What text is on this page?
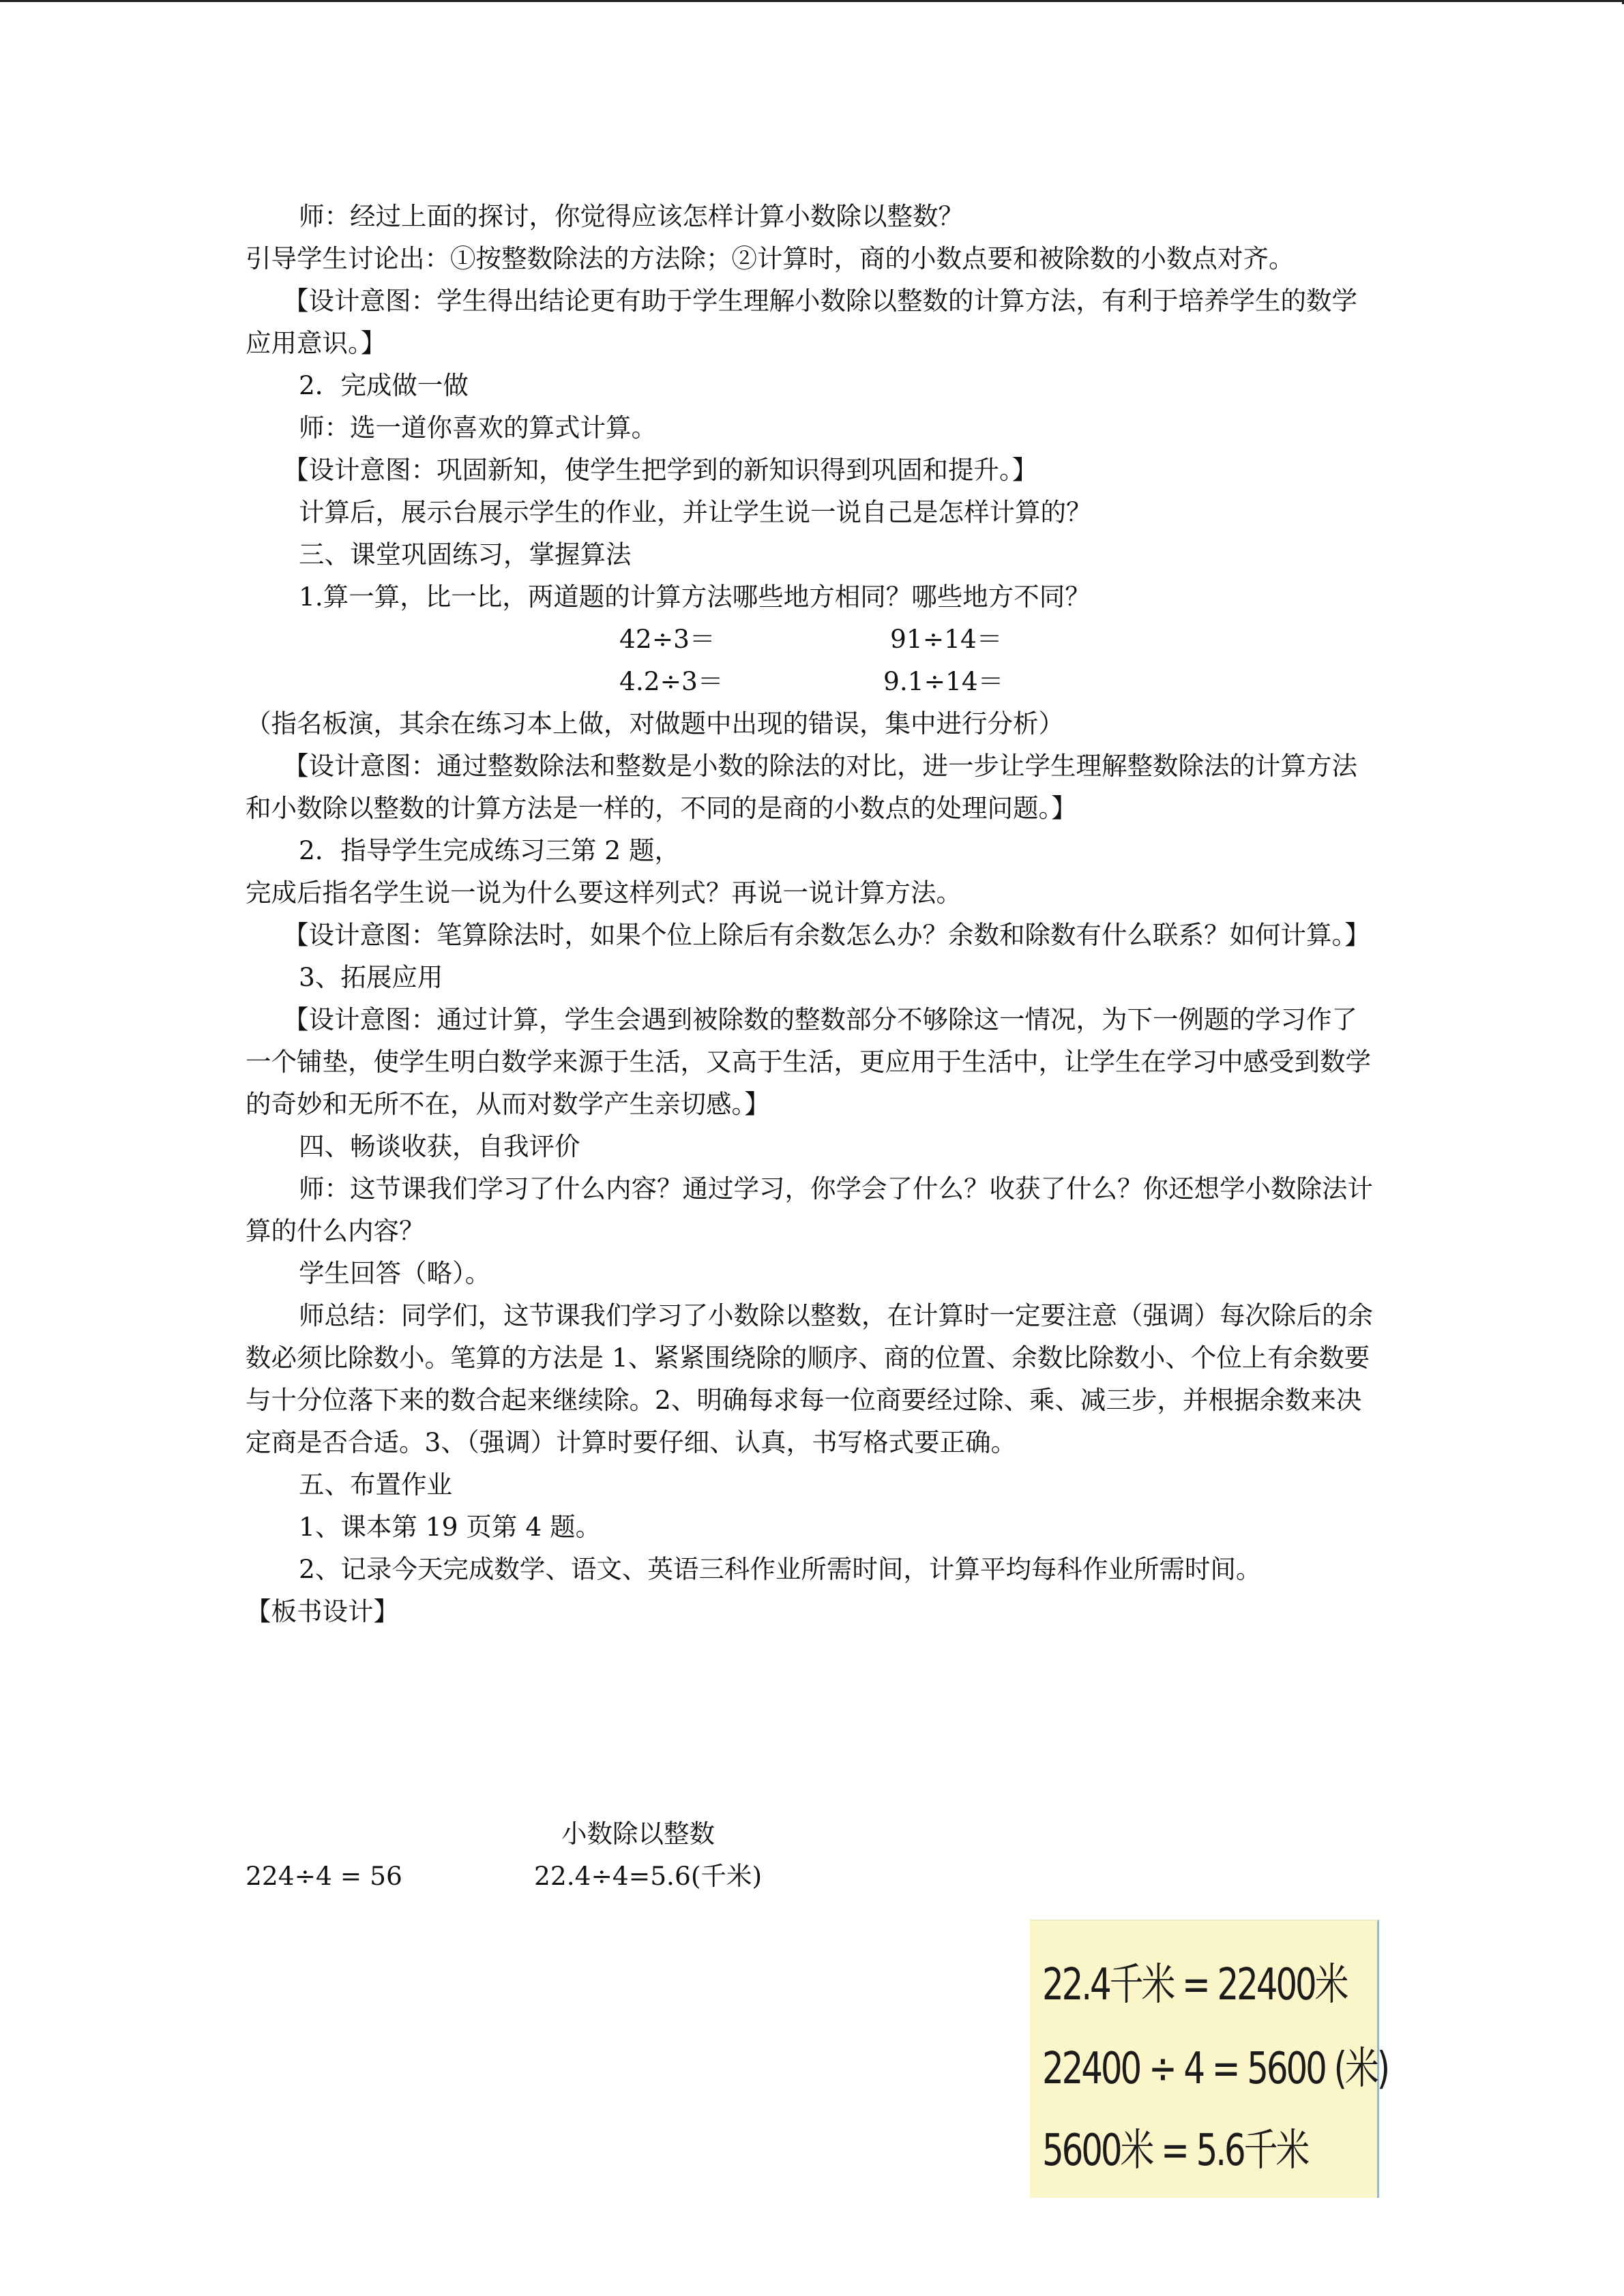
师：经过上面的探讨，你觉得应该怎样计算小数除以整数？

引导学生讨论出：①按整数除法的方法除；②计算时，商的小数点要和被除数的小数点对齐。

【设计意图：学生得出结论更有助于学生理解小数除以整数的计算方法，有利于培养学生的数学应用意识。】

2．完成做一做

师：选一道你喜欢的算式计算。

【设计意图：巩固新知，使学生把学到的新知识得到巩固和提升。】

计算后，展示台展示学生的作业，并让学生说一说自己是怎样计算的？

三、课堂巩固练习，掌握算法

1.算一算，比一比，两道题的计算方法哪些地方相同？哪些地方不同？

42÷3＝	91÷14＝
4.2÷3＝	9.1÷14＝

（指名板演，其余在练习本上做，对做题中出现的错误，集中进行分析）

【设计意图：通过整数除法和整数是小数的除法的对比，进一步让学生理解整数除法的计算方法和小数除以整数的计算方法是一样的，不同的是商的小数点的处理问题。】

2．指导学生完成练习三第 2 题，

完成后指名学生说一说为什么要这样列式？再说一说计算方法。

【设计意图：笔算除法时，如果个位上除后有余数怎么办？余数和除数有什么联系？如何计算。】

3、拓展应用

【设计意图：通过计算，学生会遇到被除数的整数部分不够除这一情况，为下一例题的学习作了一个铺垫，使学生明白数学来源于生活，又高于生活，更应用于生活中，让学生在学习中感受到数学的奇妙和无所不在，从而对数学产生亲切感。】

四、畅谈收获，自我评价

师：这节课我们学习了什么内容？通过学习，你学会了什么？收获了什么？你还想学小数除法计算的什么内容？

学生回答（略）。

师总结：同学们，这节课我们学习了小数除以整数，在计算时一定要注意（强调）每次除后的余数必须比除数小。笔算的方法是 1、紧紧围绕除的顺序、商的位置、余数比除数小、个位上有余数要与十分位落下来的数合起来继续除。2、明确每求每一位商要经过除、乘、减三步，并根据余数来决定商是否合适。3、（强调）计算时要仔细、认真，书写格式要正确。

五、布置作业

1、课本第 19 页第 4 题。

2、记录今天完成数学、语文、英语三科作业所需时间，计算平均每科作业所需时间。

【板书设计】

小数除以整数
224÷4 = 56	22.4÷4=5.6(千米)
22.4千米 = 22400米
22400 ÷ 4 = 5600 (米)
5600米 = 5.6千米
